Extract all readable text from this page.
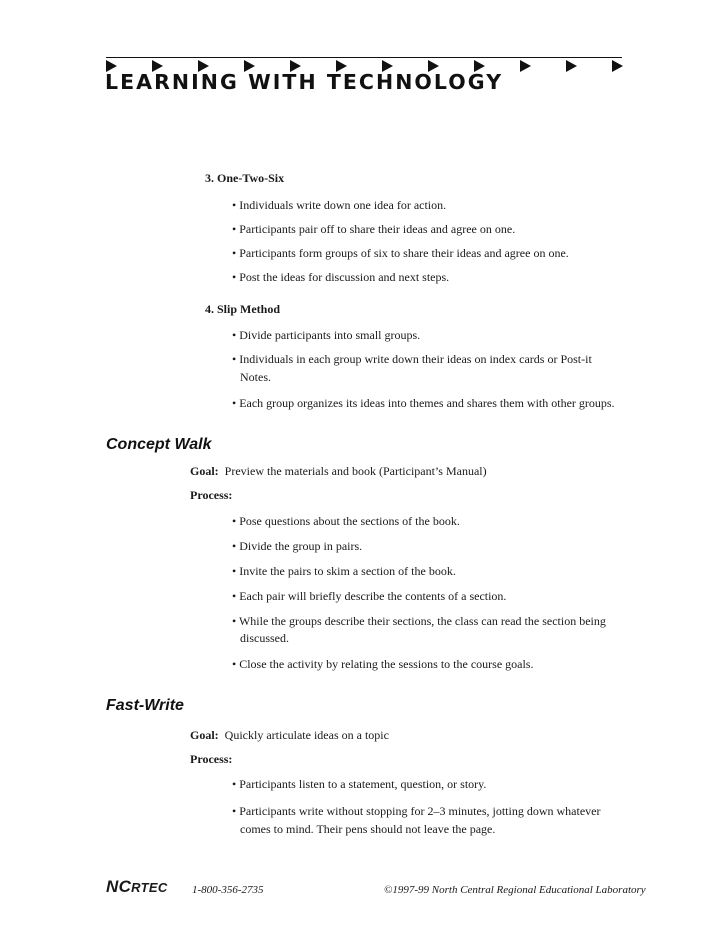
LEARNING WITH TECHNOLOGY
3. One-Two-Six
• Individuals write down one idea for action.
• Participants pair off to share their ideas and agree on one.
• Participants form groups of six to share their ideas and agree on one.
• Post the ideas for discussion and next steps.
4. Slip Method
• Divide participants into small groups.
• Individuals in each group write down their ideas on index cards or Post-it
Notes.
• Each group organizes its ideas into themes and shares them with other groups.
Concept Walk
Goal: Preview the materials and book (Participant’s Manual)
Process:
• Pose questions about the sections of the book.
• Divide the group in pairs.
• Invite the pairs to skim a section of the book.
• Each pair will briefly describe the contents of a section.
• While the groups describe their sections, the class can read the section being
discussed.
• Close the activity by relating the sessions to the course goals.
Fast-Write
Goal: Quickly articulate ideas on a topic
Process:
• Participants listen to a statement, question, or story.
• Participants write without stopping for 2–3 minutes, jotting down whatever
comes to mind. Their pens should not leave the page.
NCRTEC 1-800-356-2735	©1997-99 North Central Regional Educational Laboratory
